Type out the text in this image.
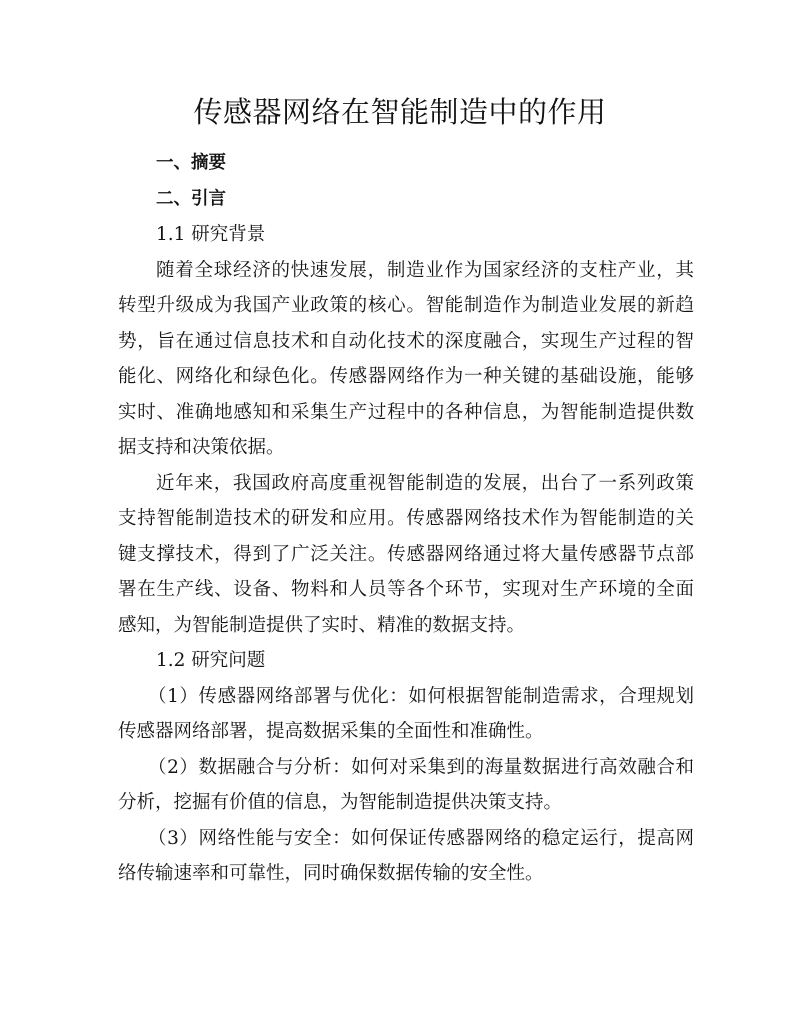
传感器网络在智能制造中的作用
一、摘要
二、引言
1.1 研究背景
随着全球经济的快速发展，制造业作为国家经济的支柱产业，其
转型升级成为我国产业政策的核心。智能制造作为制造业发展的新趋
势，旨在通过信息技术和自动化技术的深度融合，实现生产过程的智
能化、网络化和绿色化。传感器网络作为一种关键的基础设施，能够
实时、准确地感知和采集生产过程中的各种信息，为智能制造提供数
据支持和决策依据。
近年来，我国政府高度重视智能制造的发展，出台了一系列政策
支持智能制造技术的研发和应用。传感器网络技术作为智能制造的关
键支撑技术，得到了广泛关注。传感器网络通过将大量传感器节点部
署在生产线、设备、物料和人员等各个环节，实现对生产环境的全面
感知，为智能制造提供了实时、精准的数据支持。
1.2 研究问题
（1）传感器网络部署与优化：如何根据智能制造需求，合理规划
传感器网络部署，提高数据采集的全面性和准确性。
（2）数据融合与分析：如何对采集到的海量数据进行高效融合和
分析，挖掘有价值的信息，为智能制造提供决策支持。
（3）网络性能与安全：如何保证传感器网络的稳定运行，提高网
络传输速率和可靠性，同时确保数据传输的安全性。
